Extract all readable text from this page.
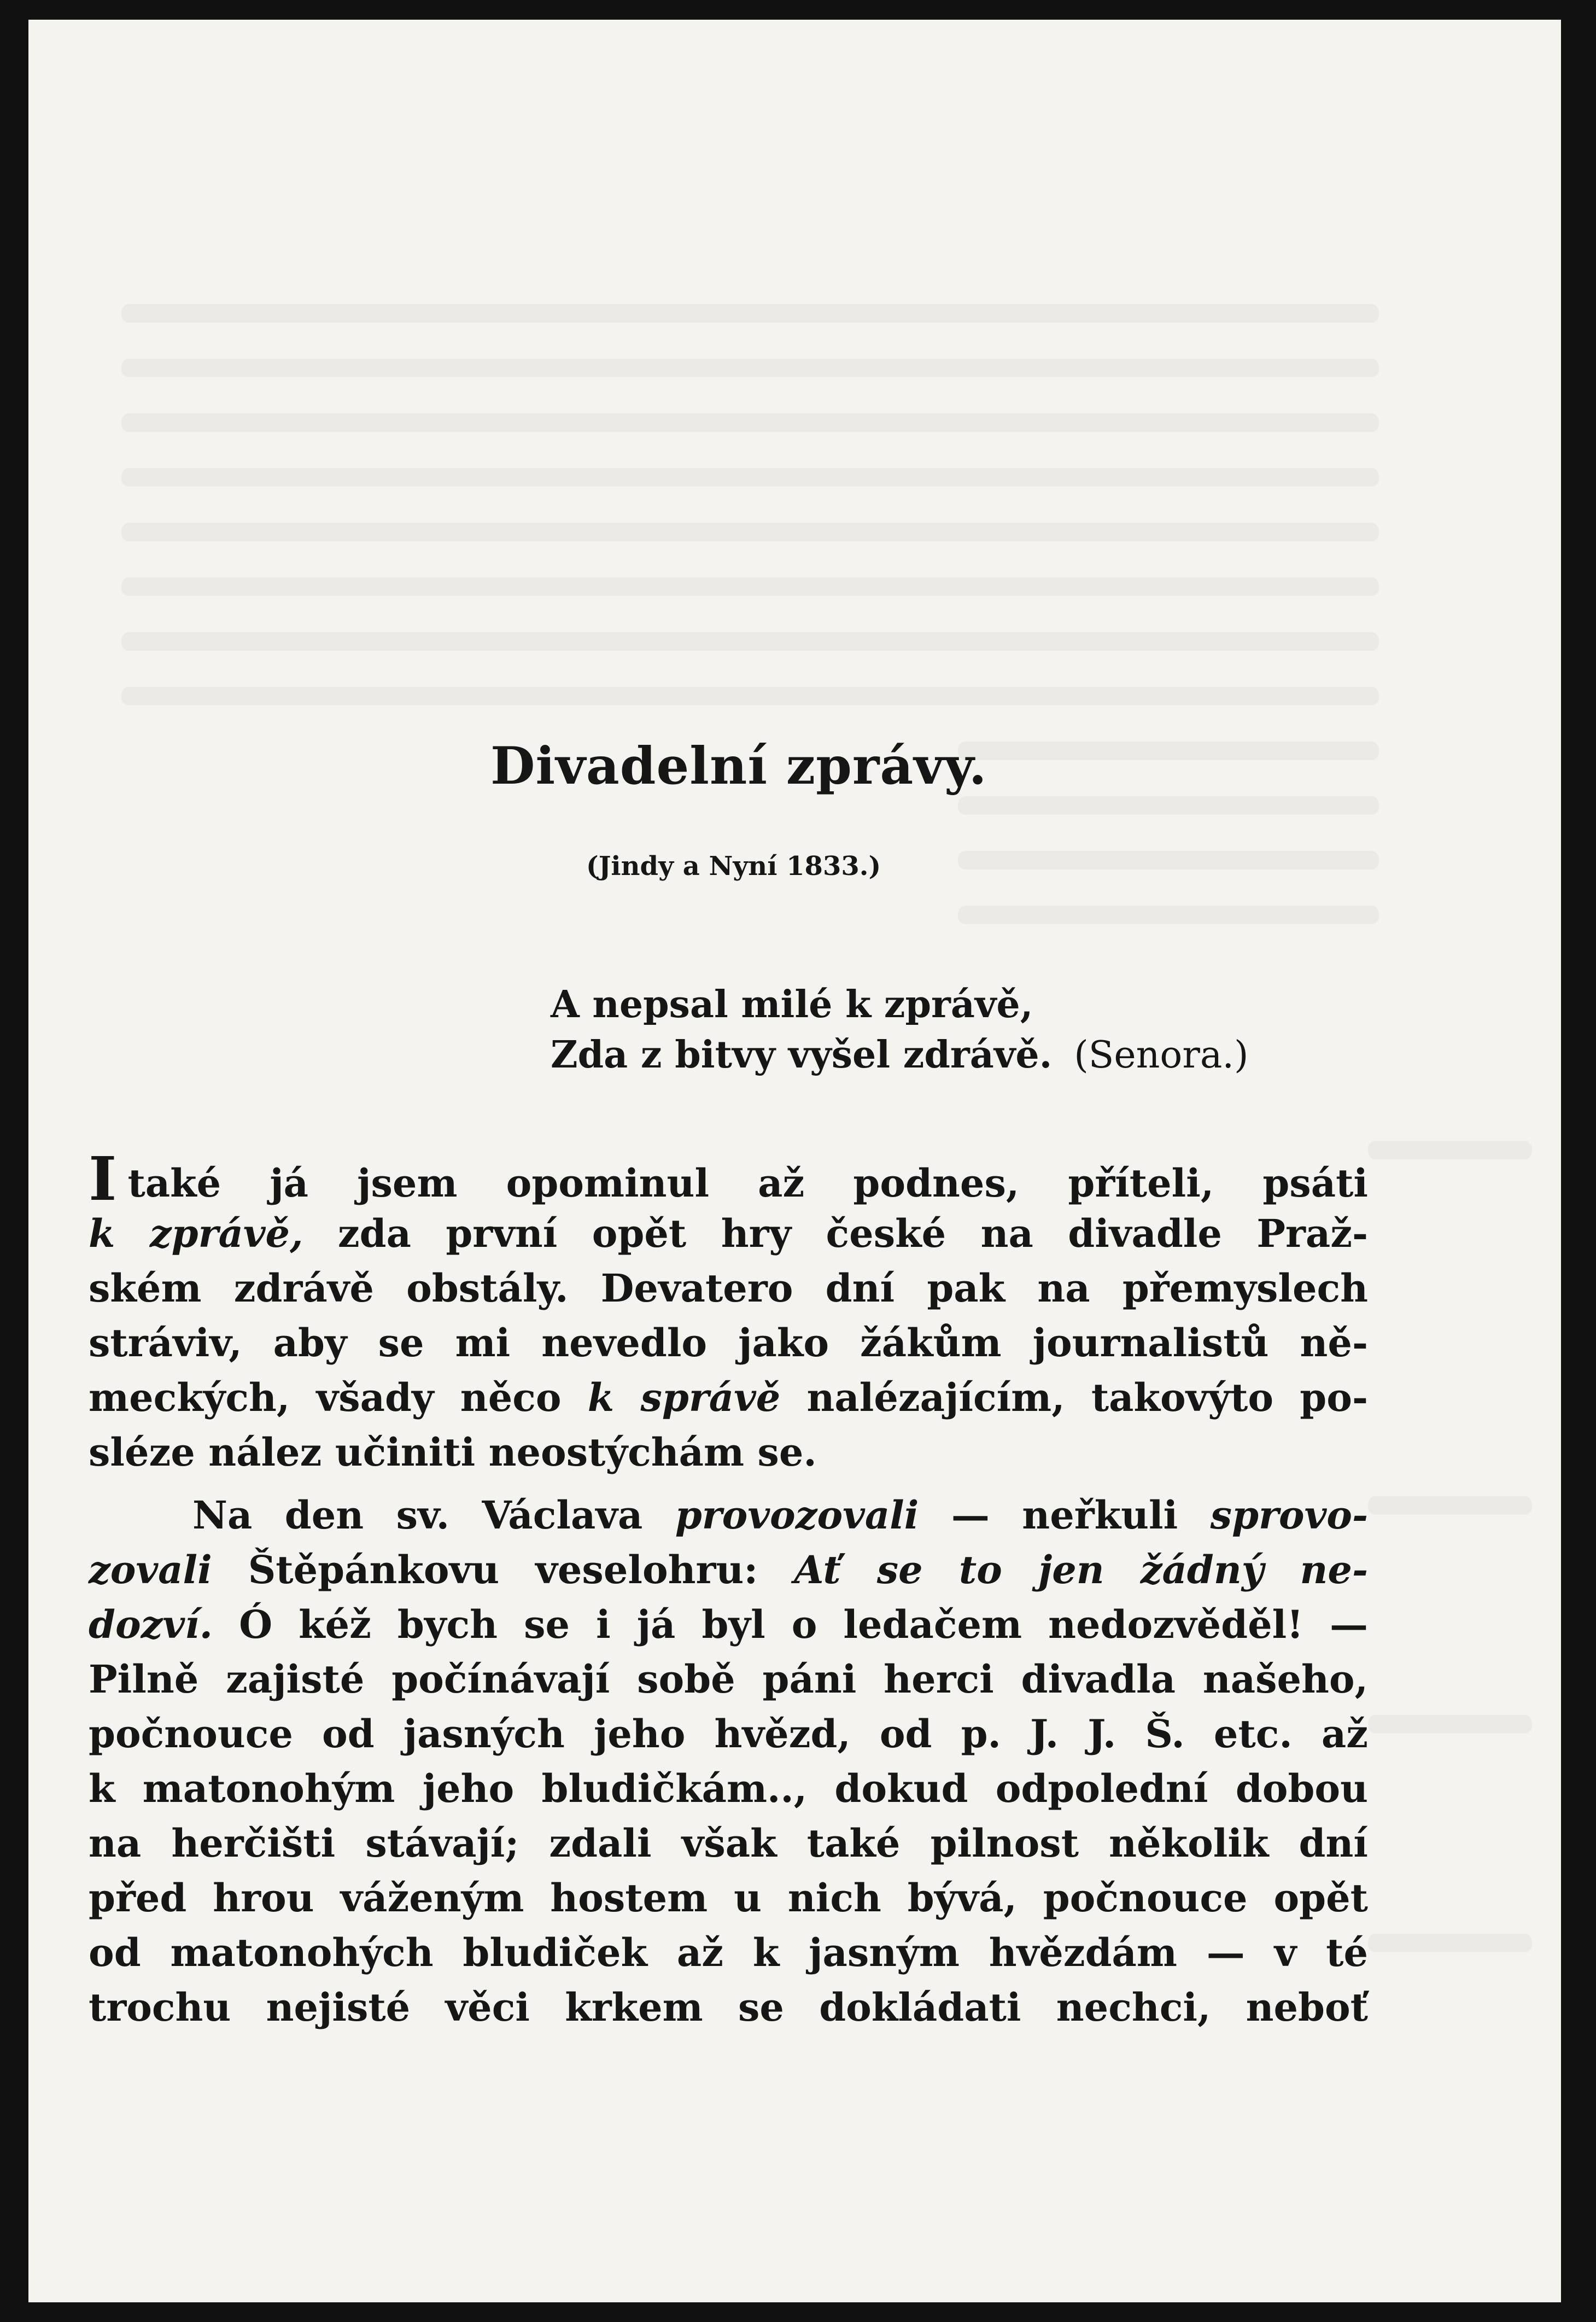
Divadelní zprávy.
(Jindy a Nyní 1833.)
A nepsal milé k zprávě,
Zda z bitvy vyšel zdrávě. (Senora.)
Itaké já jsem opominul až podnes, příteli, psáti
k zprávě, zda první opět hry české na divadle Praž-
ském zdrávě obstály. Devatero dní pak na přemyslech
stráviv, aby se mi nevedlo jako žákům journalistů ně-
meckých, všady něco k správě nalézajícím, takovýto po-
sléze nález učiniti neostýchám se.
Na den sv. Václava provozovali — neřkuli sprovo-
zovali Štěpánkovu veselohru: Ať se to jen žádný ne-
dozví. Ó kéž bych se i já byl o ledačem nedozvěděl! —
Pilně zajisté počínávají sobě páni herci divadla našeho,
počnouce od jasných jeho hvězd, od p. J. J. Š. etc. až
k matonohým jeho bludičkám.., dokud odpolední dobou
na herčišti stávají; zdali však také pilnost několik dní
před hrou váženým hostem u nich bývá, počnouce opět
od matonohých bludiček až k jasným hvězdám — v té
trochu nejisté věci krkem se dokládati nechci, neboť
